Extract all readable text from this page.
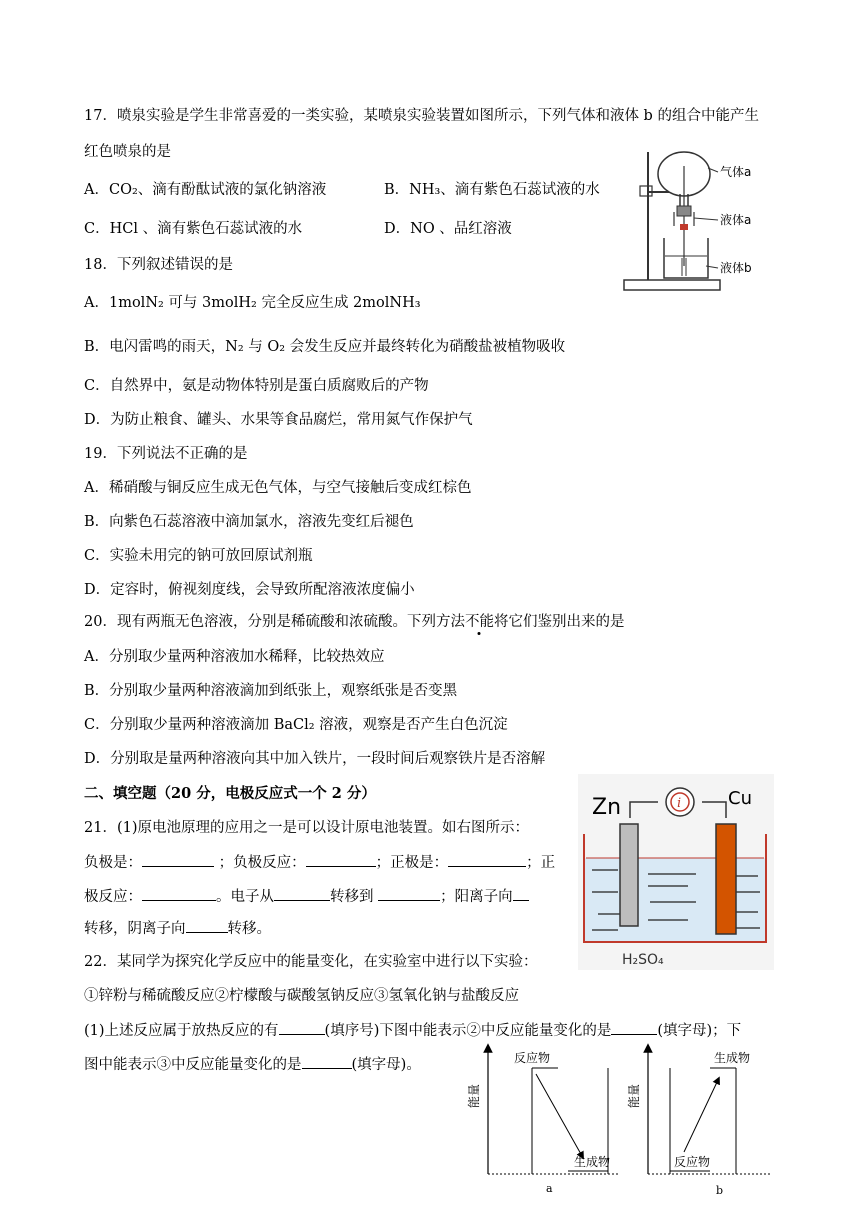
17．喷泉实验是学生非常喜爱的一类实验，某喷泉实验装置如图所示，下列气体和液体 b 的组合中能产生
红色喷泉的是
A．CO₂、滴有酚酞试液的氯化钠溶液	B．NH₃、滴有紫色石蕊试液的水
C．HCl 、滴有紫色石蕊试液的水	D．NO 、品红溶液
气体a
液体a
液体b
18．下列叙述错误的是
A．1molN₂ 可与 3molH₂ 完全反应生成 2molNH₃
B．电闪雷鸣的雨天，N₂ 与 O₂ 会发生反应并最终转化为硝酸盐被植物吸收
C．自然界中，氨是动物体特别是蛋白质腐败后的产物
D．为防止粮食、罐头、水果等食品腐烂，常用氮气作保护气
19．下列说法不正确的是
A．稀硝酸与铜反应生成无色气体，与空气接触后变成红棕色
B．向紫色石蕊溶液中滴加氯水，溶液先变红后褪色
C．实验未用完的钠可放回原试剂瓶
D．定容时，俯视刻度线，会导致所配溶液浓度偏小
20．现有两瓶无色溶液，分别是稀硫酸和浓硫酸。下列方法不能将它们鉴别出来的是
A．分别取少量两种溶液加水稀释，比较热效应
B．分别取少量两种溶液滴加到纸张上，观察纸张是否变黑
C．分别取少量两种溶液滴加 BaCl₂ 溶液，观察是否产生白色沉淀
D．分别取是量两种溶液向其中加入铁片，一段时间后观察铁片是否溶解
二、填空题（20 分，电极反应式一个 2 分）
21．(1)原电池原理的应用之一是可以设计原电池装置。如右图所示：
负极是：	；负极反应：	；正极是：	；正
极反应：	。电子从	转移到	；阳离子向
转移，阴离子向	转移。
i
Zn	Cu
H₂SO₄
22．某同学为探究化学反应中的能量变化，在实验室中进行以下实验：
①锌粉与稀硫酸反应②柠檬酸与碳酸氢钠反应③氢氧化钠与盐酸反应
(1)上述反应属于放热反应的有	(填序号)下图中能表示②中反应能量变化的是	(填字母)；下
图中能表示③中反应能量变化的是	(填字母)。
能量
反应物
生成物
a
能量
生成物
反应物
b
